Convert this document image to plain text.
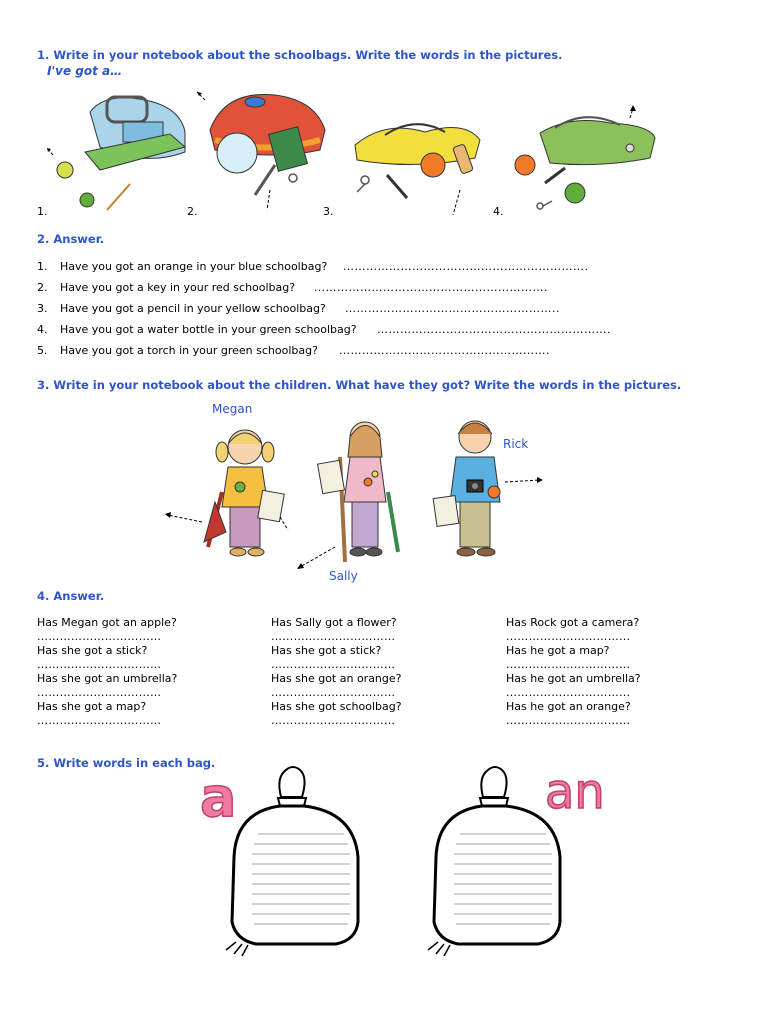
1. Write in your notebook about the schoolbags. Write the words in the pictures.
I've got a…
1.	2.	3.	4.
2. Answer.
1. Have you got an orange in your blue schoolbag? ……………………………………………………….
2. Have you got a key in your red schoolbag? …………………………………………………….
3. Have you got a pencil in your yellow schoolbag? ………………………………………………..
4. Have you got a water bottle in your green schoolbag? …………………………………………………….
5. Have you got a torch in your green schoolbag? ……………………………………………….
3. Write in your notebook about the children. What have they got? Write the words in the pictures.
Megan
Sally
Rick
4. Answer.
Has Megan got an apple?
……………………………
Has she got a stick?
……………………………
Has she got an umbrella?
……………………………
Has she got a map?
……………………………
Has Sally got a flower?
……………………………
Has she got a stick?
……………………………
Has she got an orange?
……………………………
Has she got schoolbag?
……………………………
Has Rock got a camera?
……………………………
Has he got a map?
……………………………
Has he got an umbrella?
……………………………
Has he got an orange?
……………………………
5. Write words in each bag.
a	an
